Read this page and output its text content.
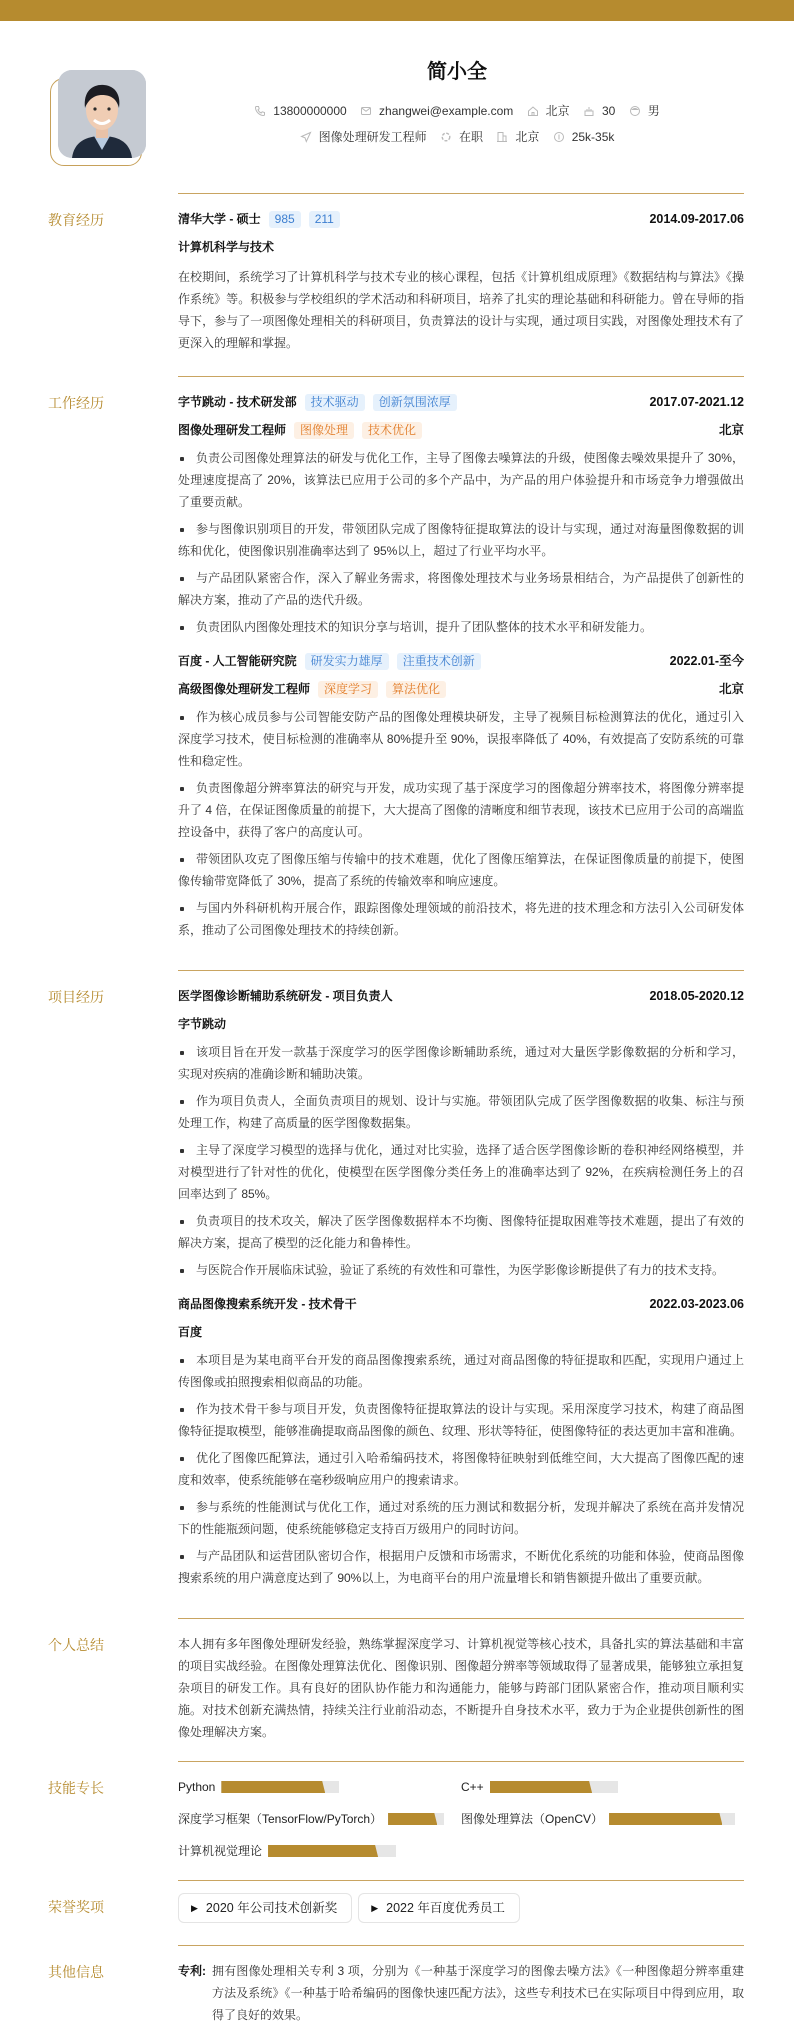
简小全
13800000000
	zhangwei@example.com
	北京
	30
	男
图像处理研发工程师
	在职
	北京
	25k-35k
教育经历	清华大学 - 硕士	985	211	2014.09-2017.06
计算机科学与技术
在校期间，系统学习了计算机科学与技术专业的核心课程，包括《计算机组成原理》《数据结构与算法》《操作系统》等。积极参与学校组织的学术活动和科研项目，培养了扎实的理论基础和科研能力。曾在导师的指导下，参与了一项图像处理相关的科研项目，负责算法的设计与实现，通过项目实践，对图像处理技术有了更深入的理解和掌握。
工作经历	字节跳动 - 技术研发部	技术驱动	创新氛围浓厚	2017.07-2021.12
图像处理研发工程师	图像处理	技术优化	北京
负责公司图像处理算法的研发与优化工作，主导了图像去噪算法的升级，使图像去噪效果提升了 30%，处理速度提高了 20%，该算法已应用于公司的多个产品中，为产品的用户体验提升和市场竞争力增强做出了重要贡献。
参与图像识别项目的开发，带领团队完成了图像特征提取算法的设计与实现，通过对海量图像数据的训练和优化，使图像识别准确率达到了 95%以上，超过了行业平均水平。
与产品团队紧密合作，深入了解业务需求，将图像处理技术与业务场景相结合，为产品提供了创新性的解决方案，推动了产品的迭代升级。
负责团队内图像处理技术的知识分享与培训，提升了团队整体的技术水平和研发能力。
百度 - 人工智能研究院	研发实力雄厚	注重技术创新	2022.01-至今
高级图像处理研发工程师	深度学习	算法优化	北京
作为核心成员参与公司智能安防产品的图像处理模块研发，主导了视频目标检测算法的优化，通过引入深度学习技术，使目标检测的准确率从 80%提升至 90%，误报率降低了 40%，有效提高了安防系统的可靠性和稳定性。
负责图像超分辨率算法的研究与开发，成功实现了基于深度学习的图像超分辨率技术，将图像分辨率提升了 4 倍，在保证图像质量的前提下，大大提高了图像的清晰度和细节表现，该技术已应用于公司的高端监控设备中，获得了客户的高度认可。
带领团队攻克了图像压缩与传输中的技术难题，优化了图像压缩算法，在保证图像质量的前提下，使图像传输带宽降低了 30%，提高了系统的传输效率和响应速度。
与国内外科研机构开展合作，跟踪图像处理领域的前沿技术，将先进的技术理念和方法引入公司研发体系，推动了公司图像处理技术的持续创新。
项目经历	医学图像诊断辅助系统研发 - 项目负责人	2018.05-2020.12
字节跳动
该项目旨在开发一款基于深度学习的医学图像诊断辅助系统，通过对大量医学影像数据的分析和学习，实现对疾病的准确诊断和辅助决策。
作为项目负责人，全面负责项目的规划、设计与实施。带领团队完成了医学图像数据的收集、标注与预处理工作，构建了高质量的医学图像数据集。
主导了深度学习模型的选择与优化，通过对比实验，选择了适合医学图像诊断的卷积神经网络模型，并对模型进行了针对性的优化，使模型在医学图像分类任务上的准确率达到了 92%，在疾病检测任务上的召回率达到了 85%。
负责项目的技术攻关，解决了医学图像数据样本不均衡、图像特征提取困难等技术难题，提出了有效的解决方案，提高了模型的泛化能力和鲁棒性。
与医院合作开展临床试验，验证了系统的有效性和可靠性，为医学影像诊断提供了有力的技术支持。
商品图像搜索系统开发 - 技术骨干	2022.03-2023.06
百度
本项目是为某电商平台开发的商品图像搜索系统，通过对商品图像的特征提取和匹配，实现用户通过上传图像或拍照搜索相似商品的功能。
作为技术骨干参与项目开发，负责图像特征提取算法的设计与实现。采用深度学习技术，构建了商品图像特征提取模型，能够准确提取商品图像的颜色、纹理、形状等特征，使图像特征的表达更加丰富和准确。
优化了图像匹配算法，通过引入哈希编码技术，将图像特征映射到低维空间，大大提高了图像匹配的速度和效率，使系统能够在毫秒级响应用户的搜索请求。
参与系统的性能测试与优化工作，通过对系统的压力测试和数据分析，发现并解决了系统在高并发情况下的性能瓶颈问题，使系统能够稳定支持百万级用户的同时访问。
与产品团队和运营团队密切合作，根据用户反馈和市场需求，不断优化系统的功能和体验，使商品图像搜索系统的用户满意度达到了 90%以上，为电商平台的用户流量增长和销售额提升做出了重要贡献。
个人总结	本人拥有多年图像处理研发经验，熟练掌握深度学习、计算机视觉等核心技术，具备扎实的算法基础和丰富的项目实战经验。在图像处理算法优化、图像识别、图像超分辨率等领域取得了显著成果，能够独立承担复杂项目的研发工作。具有良好的团队协作能力和沟通能力，能够与跨部门团队紧密合作，推动项目顺利实施。对技术创新充满热情，持续关注行业前沿动态，不断提升自身技术水平，致力于为企业提供创新性的图像处理解决方案。
技能专长	Python	C++
深度学习框架（TensorFlow/PyTorch）	图像处理算法（OpenCV）
计算机视觉理论
荣誉奖项	▶ 2020 年公司技术创新奖	▶ 2022 年百度优秀员工
其他信息	专利: 拥有图像处理相关专利 3 项，分别为《一种基于深度学习的图像去噪方法》《一种图像超分辨率重建方法及系统》《一种基于哈希编码的图像快速匹配方法》，这些专利技术已在实际项目中得到应用，取得了良好的效果。
